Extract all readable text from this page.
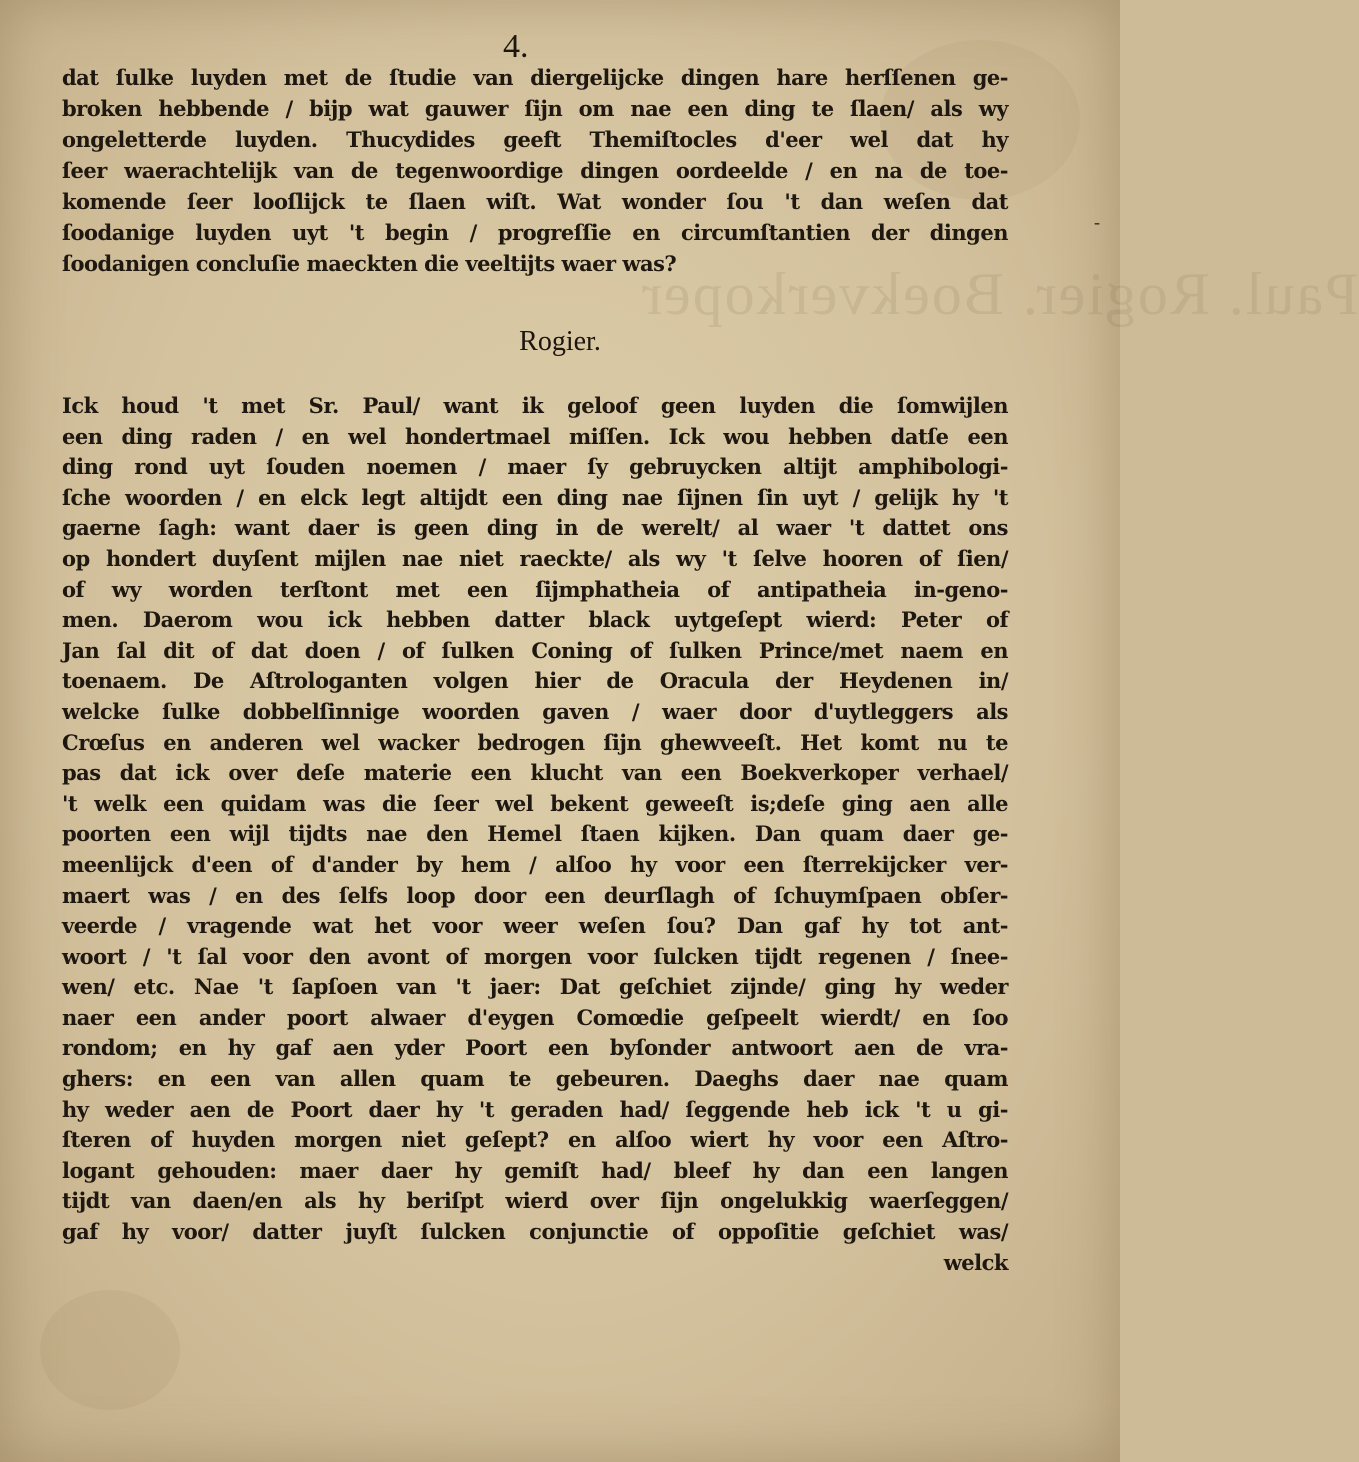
Paul. Rogier. Boekverkoper
4.
dat ſulke luyden met de ſtudie van diergelijcke dingen hare herſſenen ge-
broken hebbende / bijp wat gauwer ſijn om nae een ding te ſlaen/ als wy
ongeletterde luyden. Thucydides geeft Themiſtocles d'eer wel dat hy
ſeer waerachtelijk van de tegenwoordige dingen oordeelde / en na de toe-
komende ſeer looſlijck te ſlaen wiſt. Wat wonder ſou 't dan weſen dat
ſoodanige luyden uyt 't begin / progreſſie en circumſtantien der dingen
ſoodanigen concluſie maeckten die veeltijts waer was?
-
Rogier.
Ick houd 't met Sr. Paul/ want ik geloof geen luyden die ſomwijlen
een ding raden / en wel hondertmael miſſen. Ick wou hebben datſe een
ding rond uyt ſouden noemen / maer ſy gebruycken altijt amphibologi-
ſche woorden / en elck legt altijdt een ding nae ſijnen ſin uyt / gelijk hy 't
gaerne ſagh: want daer is geen ding in de werelt/ al waer 't dattet ons
op hondert duyſent mijlen nae niet raeckte/ als wy 't ſelve hooren of ſien/
of wy worden terſtont met een ſijmphatheia of antipatheia in-geno-
men. Daerom wou ick hebben datter black uytgeſept wierd: Peter of
Jan ſal dit of dat doen / of ſulken Coning of ſulken Prince/met naem en
toenaem. De Aſtrologanten volgen hier de Oracula der Heydenen in/
welcke ſulke dobbelſinnige woorden gaven / waer door d'uytleggers als
Crœſus en anderen wel wacker bedrogen ſijn ghewveeſt. Het komt nu te
pas dat ick over deſe materie een klucht van een Boekverkoper verhael/
't welk een quidam was die ſeer wel bekent geweeſt is;deſe ging aen alle
poorten een wijl tijdts nae den Hemel ſtaen kijken. Dan quam daer ge-
meenlijck d'een of d'ander by hem / alſoo hy voor een ſterrekijcker ver-
maert was / en des ſelfs loop door een deurſlagh of ſchuymſpaen obſer-
veerde / vragende wat het voor weer weſen ſou? Dan gaf hy tot ant-
woort / 't ſal voor den avont of morgen voor ſulcken tijdt regenen / ſnee-
wen/ etc. Nae 't ſapſoen van 't jaer: Dat geſchiet zijnde/ ging hy weder
naer een ander poort alwaer d'eygen Comœdie geſpeelt wierdt/ en ſoo
rondom; en hy gaf aen yder Poort een byſonder antwoort aen de vra-
ghers: en een van allen quam te gebeuren. Daeghs daer nae quam
hy weder aen de Poort daer hy 't geraden had/ ſeggende heb ick 't u gi-
ſteren of huyden morgen niet geſept? en alſoo wiert hy voor een Aſtro-
logant gehouden: maer daer hy gemiſt had/ bleef hy dan een langen
tijdt van daen/en als hy beriſpt wierd over ſijn ongelukkig waerſeggen/
gaf hy voor/ datter juyſt ſulcken conjunctie of oppoſitie geſchiet was/
welck
